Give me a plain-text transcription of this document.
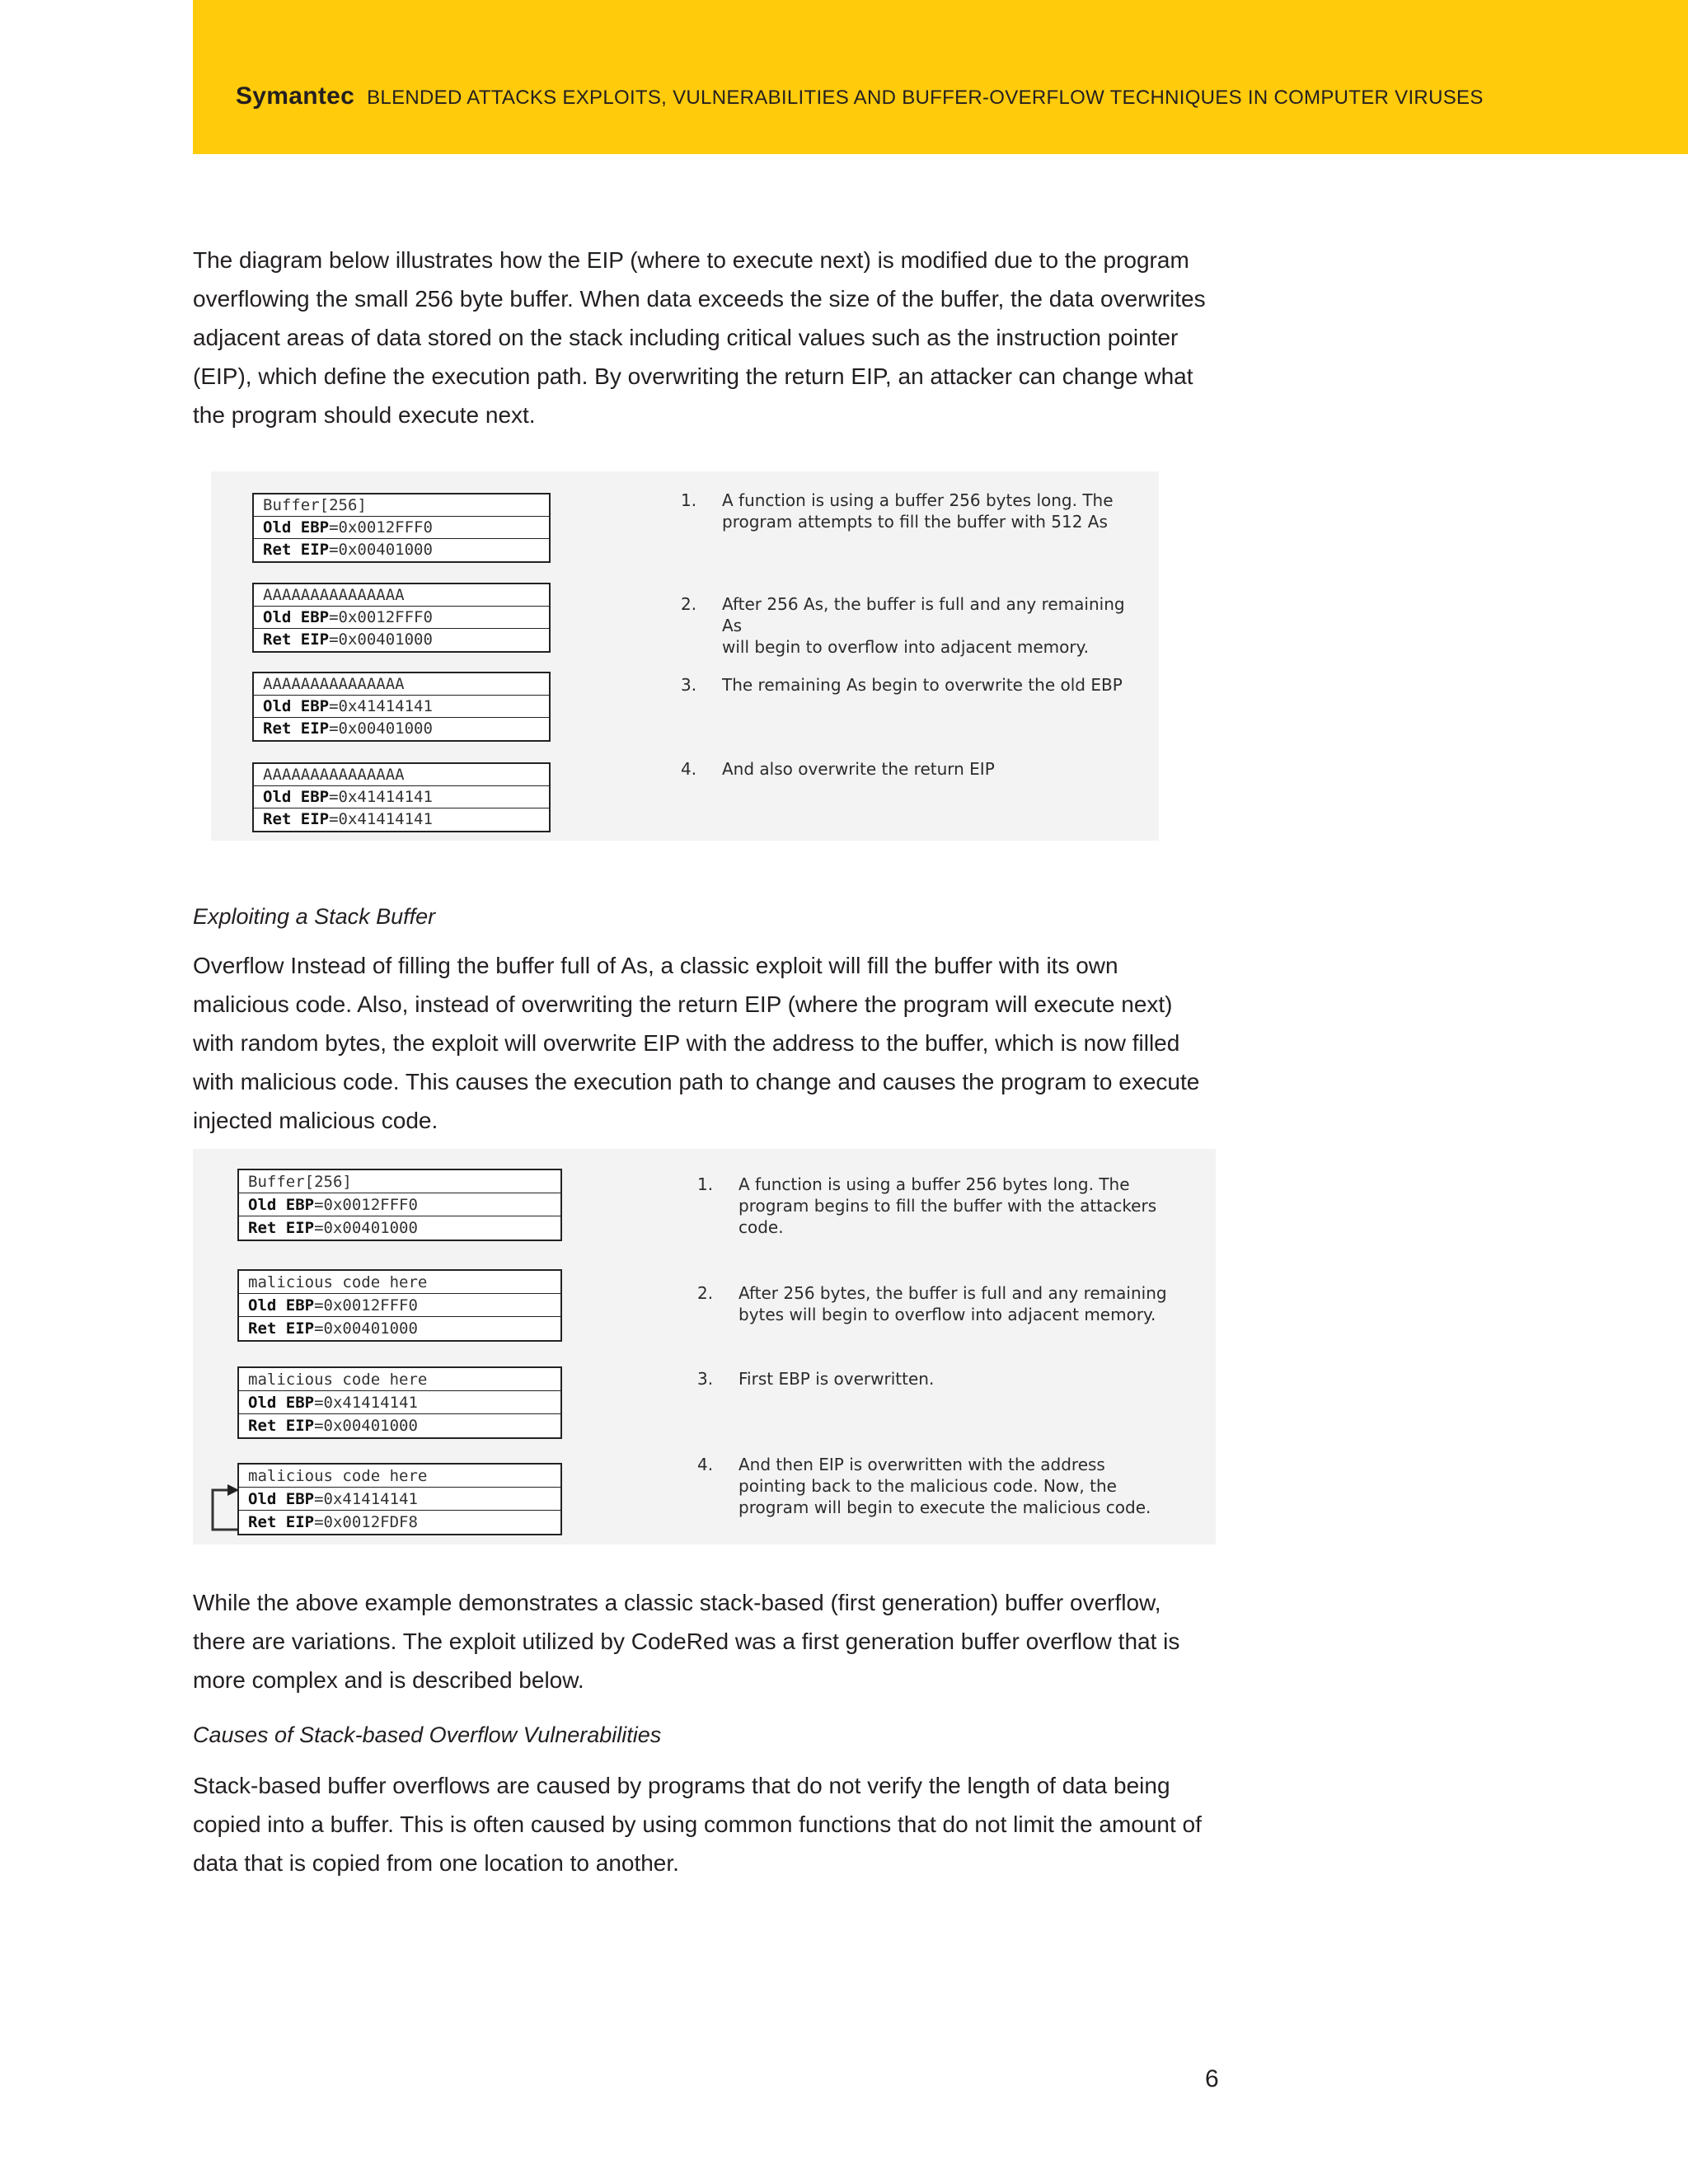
Symantec BLENDED ATTACKS EXPLOITS, VULNERABILITIES AND BUFFER-OVERFLOW TECHNIQUES IN COMPUTER VIRUSES

The diagram below illustrates how the EIP (where to execute next) is modified due to the program overflowing the small 256 byte buffer. When data exceeds the size of the buffer, the data overwrites adjacent areas of data stored on the stack including critical values such as the instruction pointer (EIP), which define the execution path. By overwriting the return EIP, an attacker can change what the program should execute next.

Buffer[256]
Old EBP=0x0012FFF0
Ret EIP=0x00401000
AAAAAAAAAAAAAAA
Old EBP=0x0012FFF0
Ret EIP=0x00401000
AAAAAAAAAAAAAAA
Old EBP=0x41414141
Ret EIP=0x00401000
AAAAAAAAAAAAAAA
Old EBP=0x41414141
Ret EIP=0x41414141
1. A function is using a buffer 256 bytes long. The
program attempts to fill the buffer with 512 As
2. After 256 As, the buffer is full and any remaining As
will begin to overflow into adjacent memory.
3. The remaining As begin to overwrite the old EBP
4. And also overwrite the return EIP

Exploiting a Stack Buffer

Overflow Instead of filling the buffer full of As, a classic exploit will fill the buffer with its own malicious code. Also, instead of overwriting the return EIP (where the program will execute next) with random bytes, the exploit will overwrite EIP with the address to the buffer, which is now filled with malicious code. This causes the execution path to change and causes the program to execute injected malicious code.

Buffer[256]
Old EBP=0x0012FFF0
Ret EIP=0x00401000
malicious code here
Old EBP=0x0012FFF0
Ret EIP=0x00401000
malicious code here
Old EBP=0x41414141
Ret EIP=0x00401000
malicious code here
Old EBP=0x41414141
Ret EIP=0x0012FDF8
1. A function is using a buffer 256 bytes long. The
program begins to fill the buffer with the attackers
code.
2. After 256 bytes, the buffer is full and any remaining
bytes will begin to overflow into adjacent memory.
3. First EBP is overwritten.
4. And then EIP is overwritten with the address
pointing back to the malicious code. Now, the
program will begin to execute the malicious code.

While the above example demonstrates a classic stack-based (first generation) buffer overflow, there are variations. The exploit utilized by CodeRed was a first generation buffer overflow that is more complex and is described below.

Causes of Stack-based Overflow Vulnerabilities

Stack-based buffer overflows are caused by programs that do not verify the length of data being copied into a buffer. This is often caused by using common functions that do not limit the amount of data that is copied from one location to another.

6
